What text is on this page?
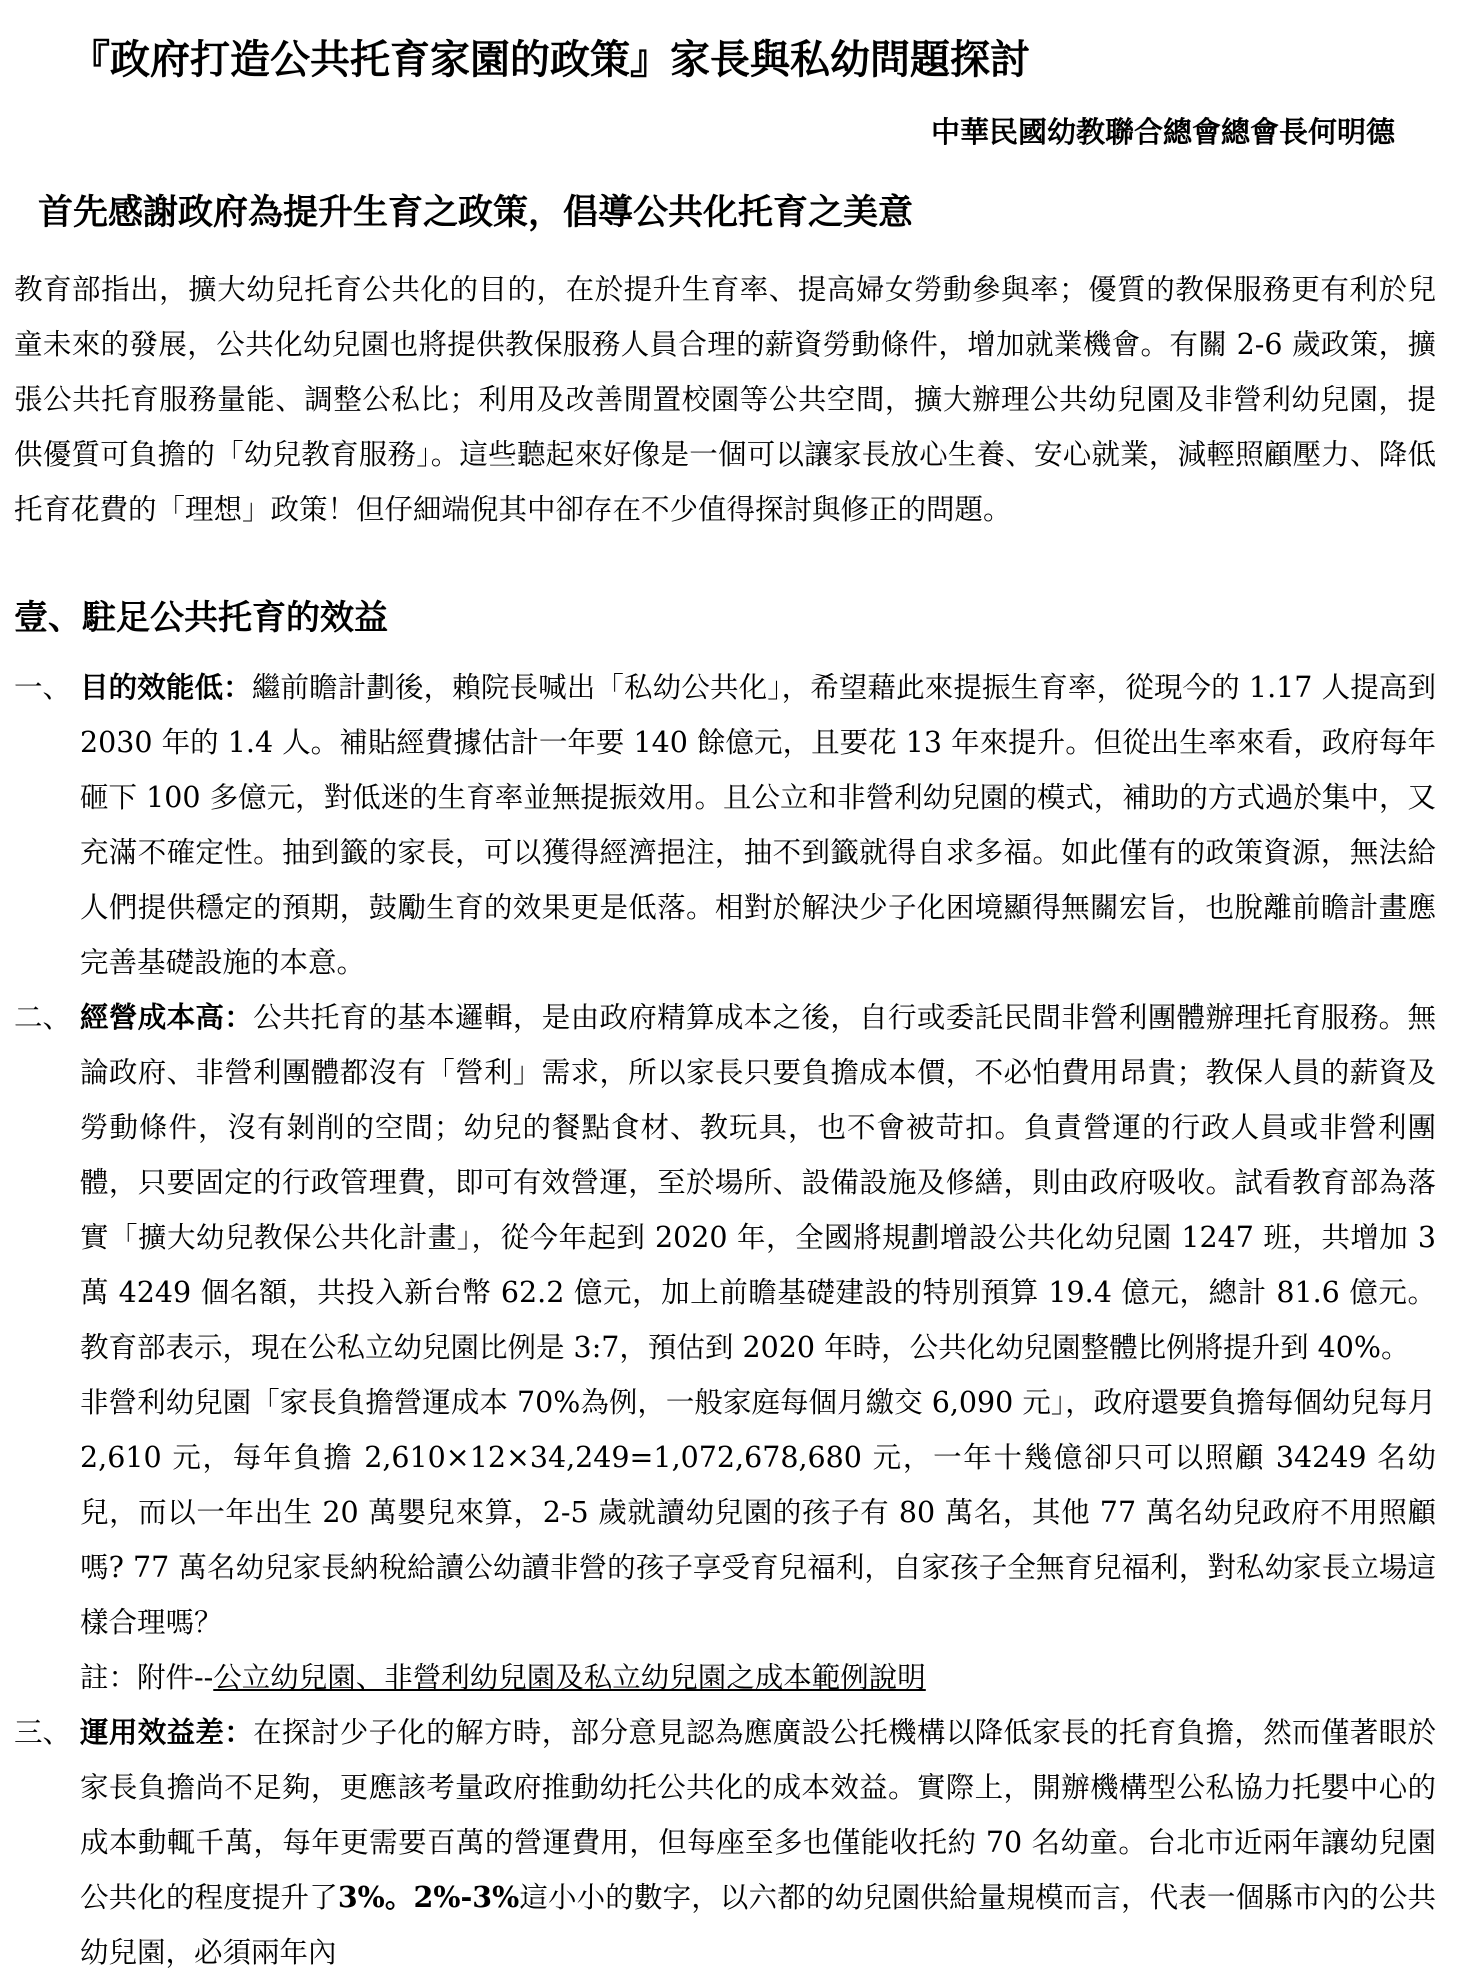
『政府打造公共托育家園的政策』家長與私幼問題探討
中華民國幼教聯合總會總會長何明德
首先感謝政府為提升生育之政策，倡導公共化托育之美意

教育部指出，擴大幼兒托育公共化的目的，在於提升生育率、提高婦女勞動參與率；優質的教保服務更有利於兒童未來的發展，公共化幼兒園也將提供教保服務人員合理的薪資勞動條件，增加就業機會。有關 2-6 歲政策，擴張公共托育服務量能、調整公私比；利用及改善閒置校園等公共空間，擴大辦理公共幼兒園及非營利幼兒園，提供優質可負擔的「幼兒教育服務」。這些聽起來好像是一個可以讓家長放心生養、安心就業，減輕照顧壓力、降低托育花費的「理想」政策！但仔細端倪其中卻存在不少值得探討與修正的問題。

壹、駐足公共托育的效益
一、 目的效能低：繼前瞻計劃後，賴院長喊出「私幼公共化」，希望藉此來提振生育率，從現今的 1.17 人提高到 2030 年的 1.4 人。補貼經費據估計一年要 140 餘億元，且要花 13 年來提升。但從出生率來看，政府每年砸下 100 多億元，對低迷的生育率並無提振效用。且公立和非營利幼兒園的模式，補助的方式過於集中，又充滿不確定性。抽到籤的家長，可以獲得經濟挹注，抽不到籤就得自求多福。如此僅有的政策資源，無法給人們提供穩定的預期，鼓勵生育的效果更是低落。相對於解決少子化困境顯得無關宏旨，也脫離前瞻計畫應完善基礎設施的本意。

二、 經營成本高：公共托育的基本邏輯，是由政府精算成本之後，自行或委託民間非營利團體辦理托育服務。無論政府、非營利團體都沒有「營利」需求，所以家長只要負擔成本價，不必怕費用昂貴；教保人員的薪資及勞動條件，沒有剝削的空間；幼兒的餐點食材、教玩具，也不會被苛扣。負責營運的行政人員或非營利團體，只要固定的行政管理費，即可有效營運，至於場所、設備設施及修繕，則由政府吸收。試看教育部為落實「擴大幼兒教保公共化計畫」，從今年起到 2020 年，全國將規劃增設公共化幼兒園 1247 班，共增加 3 萬 4249 個名額，共投入新台幣 62.2 億元，加上前瞻基礎建設的特別預算 19.4 億元，總計 81.6 億元。教育部表示，現在公私立幼兒園比例是 3:7，預估到 2020 年時，公共化幼兒園整體比例將提升到 40%。

非營利幼兒園「家長負擔營運成本 70%為例，一般家庭每個月繳交 6,090 元」，政府還要負擔每個幼兒每月 2,610 元，每年負擔 2,610×12×34,249=1,072,678,680 元，一年十幾億卻只可以照顧 34249 名幼兒，而以一年出生 20 萬嬰兒來算，2-5 歲就讀幼兒園的孩子有 80 萬名，其他 77 萬名幼兒政府不用照顧嗎? 77 萬名幼兒家長納稅給讀公幼讀非營的孩子享受育兒福利，自家孩子全無育兒福利，對私幼家長立場這樣合理嗎？

註：附件--公立幼兒園、非營利幼兒園及私立幼兒園之成本範例說明

三、 運用效益差：在探討少子化的解方時，部分意見認為應廣設公托機構以降低家長的托育負擔，然而僅著眼於家長負擔尚不足夠，更應該考量政府推動幼托公共化的成本效益。實際上，開辦機構型公私協力托嬰中心的成本動輒千萬，每年更需要百萬的營運費用，但每座至多也僅能收托約 70 名幼童。台北市近兩年讓幼兒園公共化的程度提升了3%。2%-3%這小小的數字，以六都的幼兒園供給量規模而言，代表一個縣市內的公共幼兒園，必須兩年內
